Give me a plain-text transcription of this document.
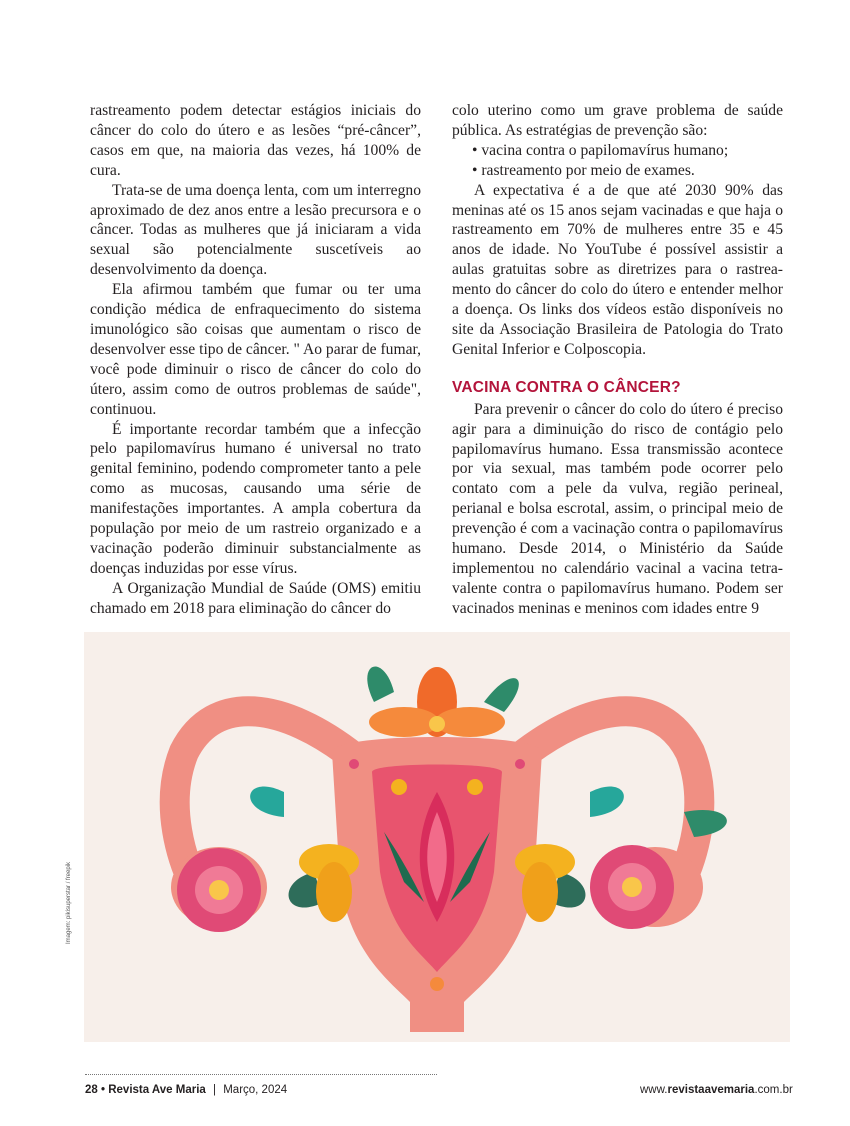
rastreamento podem detectar estágios iniciais do câncer do colo do útero e as lesões “pré-câncer”, casos em que, na maioria das vezes, há 100% de cura.

Trata-se de uma doença lenta, com um interregno aproximado de dez anos entre a lesão precursora e o câncer. Todas as mulheres que já iniciaram a vida sexual são potencialmente suscetíveis ao desenvolvimento da doença.

Ela afirmou também que fumar ou ter uma condição médica de enfraquecimento do sistema imunológico são coisas que aumentam o risco de desenvolver esse tipo de câncer. " Ao parar de fumar, você pode diminuir o risco de câncer do colo do útero, assim como de outros problemas de saúde", continuou.

É importante recordar também que a infecção pelo papilomavírus humano é universal no trato genital feminino, podendo comprometer tanto a pele como as mucosas, causando uma série de manifestações importantes. A ampla cobertura da população por meio de um rastreio organizado e a vacinação poderão diminuir substancialmente as doenças induzidas por esse vírus.

A Organização Mundial de Saúde (OMS) emitiu chamado em 2018 para eliminação do câncer do

colo uterino como um grave problema de saúde pública. As estratégias de prevenção são:

• vacina contra o papilomavírus humano;

• rastreamento por meio de exames.

A expectativa é a de que até 2030 90% das meninas até os 15 anos sejam vacinadas e que haja o rastreamento em 70% de mulheres entre 35 e 45 anos de idade. No YouTube é possível assistir a aulas gratuitas sobre as diretrizes para o rastreamento do câncer do colo do útero e entender melhor a doença. Os links dos vídeos estão disponíveis no site da Associação Brasileira de Patologia do Trato Genital Inferior e Colposcopia.

VACINA CONTRA O CÂNCER?

Para prevenir o câncer do colo do útero é preciso agir para a diminuição do risco de contágio pelo papilomavírus humano. Essa transmissão acontece por via sexual, mas também pode ocorrer pelo contato com a pele da vulva, região perineal, perianal e bolsa escrotal, assim, o principal meio de prevenção é com a vacinação contra o papilomavírus humano. Desde 2014, o Ministério da Saúde implementou no calendário vacinal a vacina tetravalente contra o papilomavírus humano. Podem ser vacinados meninas e meninos com idades entre 9

Imagem: pikisuperstar / freepik
28 • Revista Ave Maria | Março, 2024	www.revistaavemaria.com.br
